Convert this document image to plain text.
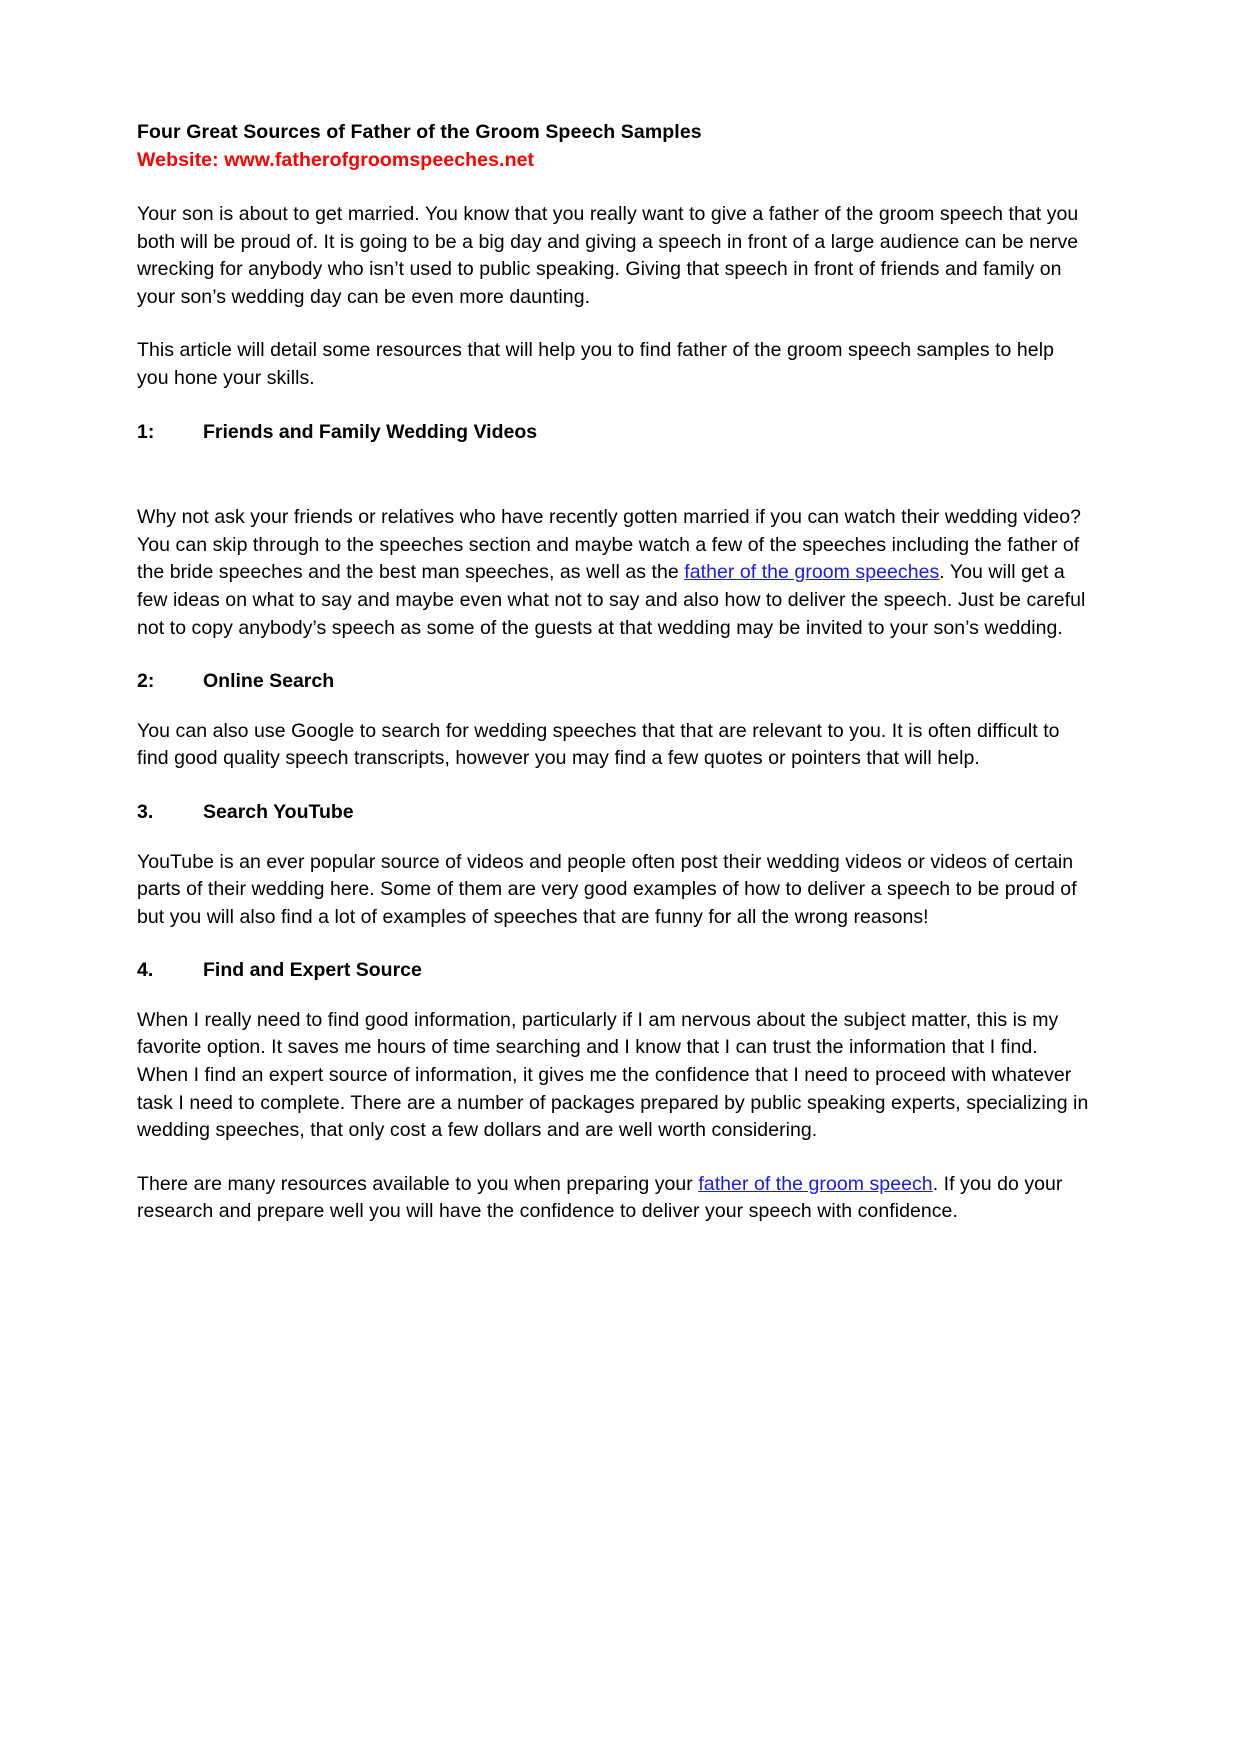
Four Great Sources of Father of the Groom Speech Samples
Website: www.fatherofgroomspeeches.net

Your son is about to get married. You know that you really want to give a father of the groom speech that you both will be proud of. It is going to be a big day and giving a speech in front of a large audience can be nerve wrecking for anybody who isn’t used to public speaking. Giving that speech in front of friends and family on your son’s wedding day can be even more daunting.

This article will detail some resources that will help you to find father of the groom speech samples to help you hone your skills.

1: Friends and Family Wedding Videos

Why not ask your friends or relatives who have recently gotten married if you can watch their wedding video? You can skip through to the speeches section and maybe watch a few of the speeches including the father of the bride speeches and the best man speeches, as well as the father of the groom speeches. You will get a few ideas on what to say and maybe even what not to say and also how to deliver the speech. Just be careful not to copy anybody’s speech as some of the guests at that wedding may be invited to your son’s wedding.

2: Online Search

You can also use Google to search for wedding speeches that that are relevant to you. It is often difficult to find good quality speech transcripts, however you may find a few quotes or pointers that will help.

3.	Search YouTube

YouTube is an ever popular source of videos and people often post their wedding videos or videos of certain parts of their wedding here. Some of them are very good examples of how to deliver a speech to be proud of but you will also find a lot of examples of speeches that are funny for all the wrong reasons!

4.	Find and Expert Source

When I really need to find good information, particularly if I am nervous about the subject matter, this is my favorite option. It saves me hours of time searching and I know that I can trust the information that I find. When I find an expert source of information, it gives me the confidence that I need to proceed with whatever task I need to complete. There are a number of packages prepared by public speaking experts, specializing in wedding speeches, that only cost a few dollars and are well worth considering.

There are many resources available to you when preparing your father of the groom speech. If you do your research and prepare well you will have the confidence to deliver your speech with confidence.
